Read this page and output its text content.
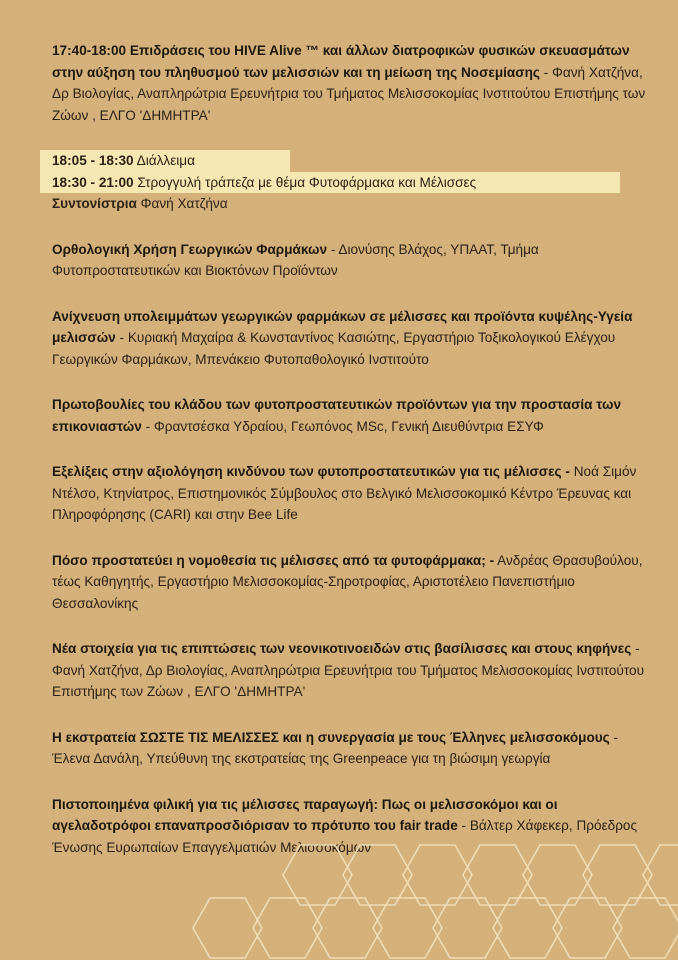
17:40-18:00 Επιδράσεις του HIVE Alive ™ και άλλων διατροφικών φυσικών σκευασμάτων στην αύξηση του πληθυσμού των μελισσιών και τη μείωση της Νοσεμίασης - Φανή Χατζήνα, Δρ Βιολογίας, Αναπληρώτρια Ερευνήτρια του Τμήματος Μελισσοκομίας Ινστιτούτου Επιστήμης των Ζώων , ΕΛΓΟ 'ΔΗΜΗΤΡΑ'
18:05 - 18:30 Διάλλειμα
18:30 - 21:00 Στρογγυλή τράπεζα με θέμα Φυτοφάρμακα και Μέλισσες
Συντονίστρια Φανή Χατζήνα
Ορθολογική Χρήση Γεωργικών Φαρμάκων - Διονύσης Βλάχος, ΥΠΑΑΤ, Τμήμα Φυτοπροστατευτικών και Βιοκτόνων Προϊόντων
Ανίχνευση υπολειμμάτων γεωργικών φαρμάκων σε μέλισσες και προϊόντα κυψέλης-Υγεία μελισσών - Κυριακή Μαχαίρα & Κωνσταντίνος Κασιώτης, Εργαστήριο Τοξικολογικού Ελέγχου Γεωργικών Φαρμάκων, Μπενάκειο Φυτοπαθολογικό Ινστιτούτο
Πρωτοβουλίες του κλάδου των φυτοπροστατευτικών προϊόντων για την προστασία των επικονιαστών - Φραντσέσκα Υδραίου, Γεωπόνος MSc, Γενική Διευθύντρια ΕΣΥΦ
Εξελίξεις στην αξιολόγηση κινδύνου των φυτοπροστατευτικών για τις μέλισσες - Νοά Σιμόν Ντέλσο, Κτηνίατρος, Επιστημονικός Σύμβουλος στο Βελγικό Μελισσοκομικό Κέντρο Έρευνας και Πληροφόρησης (CARI) και στην Bee Life
Πόσο προστατεύει η νομοθεσία τις μέλισσες από τα φυτοφάρμακα; - Ανδρέας Θρασυβούλου, τέως Καθηγητής, Εργαστήριο Μελισσοκομίας-Σηροτροφίας, Αριστοτέλειο Πανεπιστήμιο Θεσσαλονίκης
Νέα στοιχεία για τις επιπτώσεις των νεονικοτινοειδών στις βασίλισσες και στους κηφήνες - Φανή Χατζήνα, Δρ Βιολογίας, Αναπληρώτρια Ερευνήτρια του Τμήματος Μελισσοκομίας Ινστιτούτου Επιστήμης των Ζώων , ΕΛΓΟ 'ΔΗΜΗΤΡΑ'
Η εκστρατεία ΣΩΣΤΕ ΤΙΣ ΜΕΛΙΣΣΕΣ και η συνεργασία με τους Έλληνες μελισσοκόμους - Έλενα Δανάλη, Υπεύθυνη της εκστρατείας της Greenpeace για τη βιώσιμη γεωργία
Πιστοποιημένα φιλική για τις μέλισσες παραγωγή: Πως οι μελισσοκόμοι και οι αγελαδοτρόφοι επαναπροσδιόρισαν το πρότυπο του fair trade - Βάλτερ Χάφεκερ, Πρόεδρος Ένωσης Ευρωπαίων Επαγγελματιών Μελισσοκόμων
